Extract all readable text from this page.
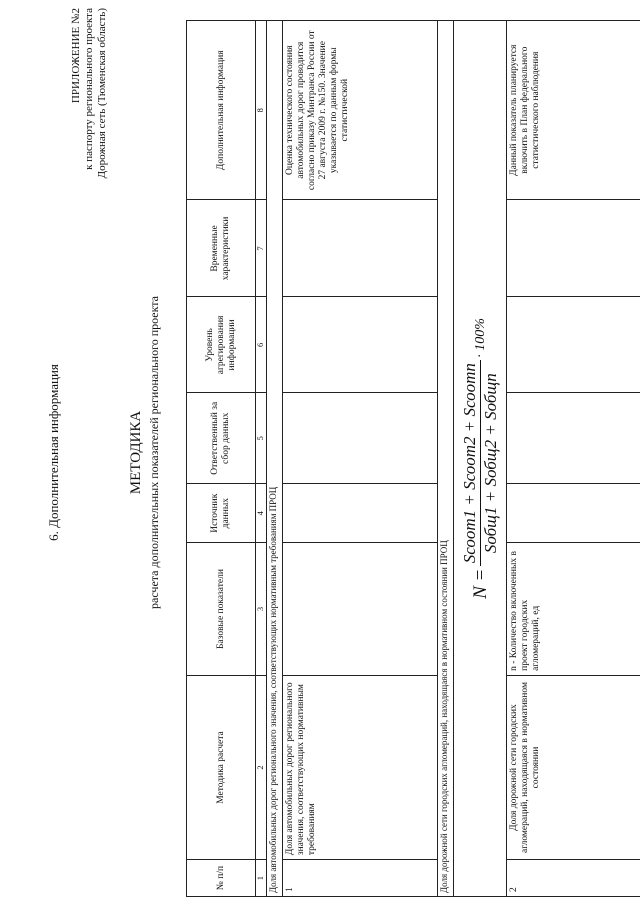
6. Дополнительная информация
ПРИЛОЖЕНИЕ №2 к паспорту регионального проекта Дорожная сеть (Тюменская область)
МЕТОДИКА расчета дополнительных показателей регионального проекта
№ п/п	Методика расчета	Базовые показатели	Источник данных	Ответственный за сбор данных	Уровень агрегирования информации	Временные характеристики	Дополнительная информация
1	2	3	4	5	6	7	8
Доля автомобильных дорог регионального значения, соответствующих нормативным требованиям ПРОЦ							
1	Доля автомобильных дорог регионального значения, соответствующих нормативным требованиям						Оценка технического состояния автомобильных дорог проводится согласно приказу Минтранса России от 27 августа 2009 г. №150. Значение указывается по данным формы статистической
Доля дорожной сети городских агломераций, находящаяся в нормативном состоянии ПРОЦ							
N =
Sсоот1 + Sсоот2 + Sсоотn Sобщ1 + Sобщ2 + Sобщn
· 100%							
2	Доля дорожной сети городских агломераций, находящаяся в нормативном состоянии	n - Количество включенных в проект городских агломераций, ед					Данный показатель планируется включить в План федерального статистического наблюдения
